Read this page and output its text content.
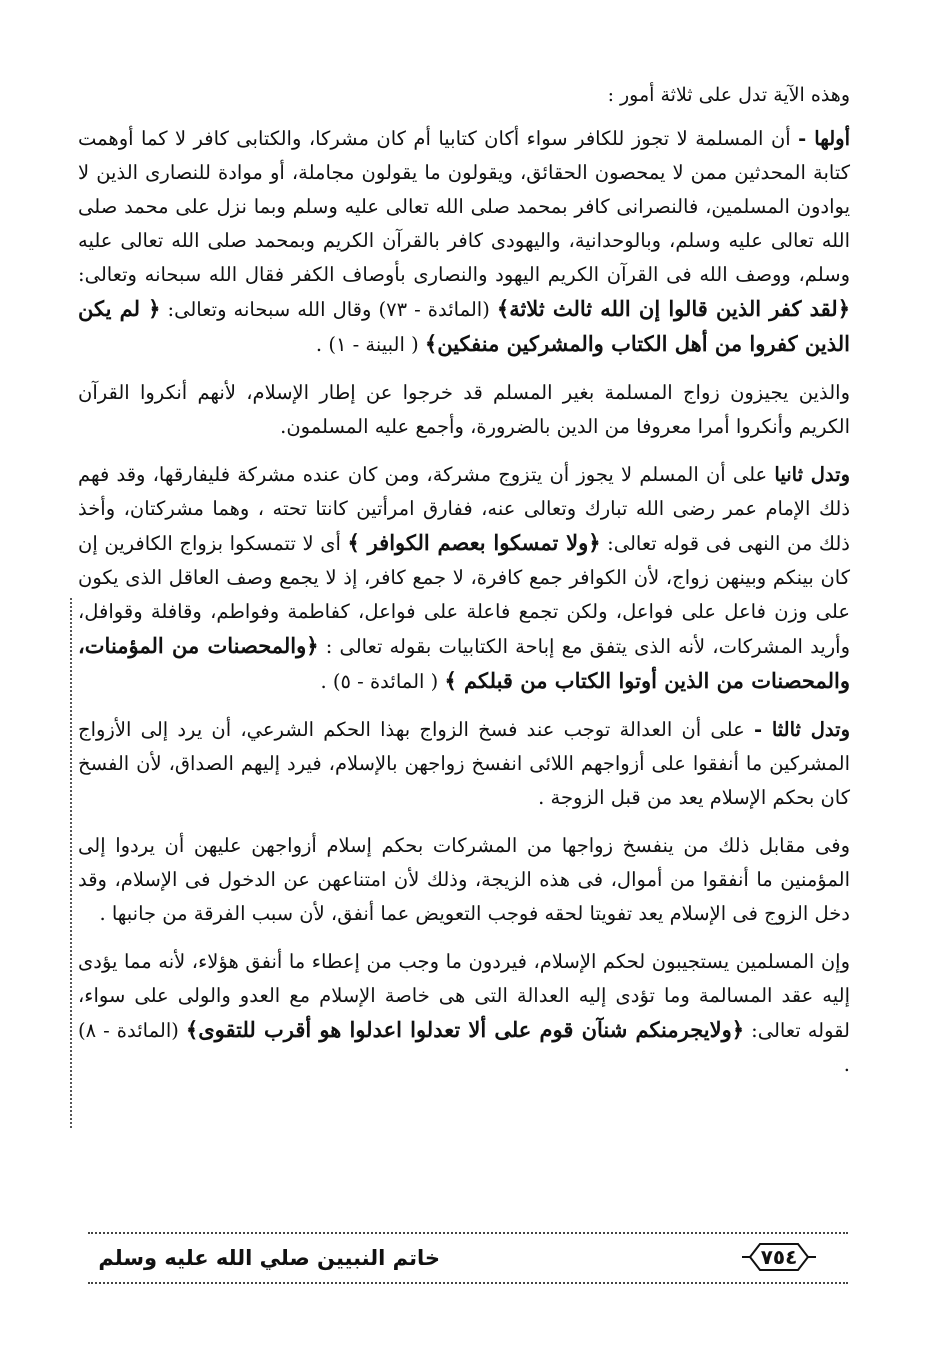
وهذه الآية تدل على ثلاثة أمور :

أولها - أن المسلمة لا تجوز للكافر سواء أكان كتابيا أم كان مشركا، والكتابى كافر لا كما أوهمت كتابة المحدثين ممن لا يمحصون الحقائق، ويقولون ما يقولون مجاملة، أو موادة للنصارى الذين لا يوادون المسلمين، فالنصرانى كافر بمحمد صلى الله تعالى عليه وسلم وبما نزل على محمد صلى الله تعالى عليه وسلم، وبالوحدانية، واليهودى كافر بالقرآن الكريم وبمحمد صلى الله تعالى عليه وسلم، ووصف الله فى القرآن الكريم اليهود والنصارى بأوصاف الكفر فقال الله سبحانه وتعالى: ﴿لقد كفر الذين قالوا إن الله ثالث ثلاثة﴾ (المائدة - ٧٣) وقال الله سبحانه وتعالى: ﴿ لم يكن الذين كفروا من أهل الكتاب والمشركين منفكين﴾ ( البينة - ١) .

والذين يجيزون زواج المسلمة بغير المسلم قد خرجوا عن إطار الإسلام، لأنهم أنكروا القرآن الكريم وأنكروا أمرا معروفا من الدين بالضرورة، وأجمع عليه المسلمون.

وتدل ثانيا على أن المسلم لا يجوز أن يتزوج مشركة، ومن كان عنده مشركة فليفارقها، وقد فهم ذلك الإمام عمر رضى الله تبارك وتعالى عنه، ففارق امرأتين كانتا تحته ، وهما مشركتان، وأخذ ذلك من النهى فى قوله تعالى: ﴿ولا تمسكوا بعصم الكوافر ﴾ أى لا تتمسكوا بزواج الكافرين إن كان بينكم وبينهن زواج، لأن الكوافر جمع كافرة، لا جمع كافر، إذ لا يجمع وصف العاقل الذى يكون على وزن فاعل على فواعل، ولكن تجمع فاعلة على فواعل، كفاطمة وفواطم، وقافلة وقوافل، وأريد المشركات، لأنه الذى يتفق مع إباحة الكتابيات بقوله تعالى : ﴿والمحصنات من المؤمنات، والمحصنات من الذين أوتوا الكتاب من قبلكم ﴾ ( المائدة - ٥) .

وتدل ثالثا - على أن العدالة توجب عند فسخ الزواج بهذا الحكم الشرعي، أن يرد إلى الأزواج المشركين ما أنفقوا على أزواجهم اللائى انفسخ زواجهن بالإسلام، فيرد إليهم الصداق، لأن الفسخ كان بحكم الإسلام يعد من قبل الزوجة .

وفى مقابل ذلك من ينفسخ زواجها من المشركات بحكم إسلام أزواجهن عليهن أن يردوا إلى المؤمنين ما أنفقوا من أموال، فى هذه الزيجة، وذلك لأن امتناعهن عن الدخول فى الإسلام، وقد دخل الزوج فى الإسلام يعد تفويتا لحقه فوجب التعويض عما أنفق، لأن سبب الفرقة من جانبها .

وإن المسلمين يستجيبون لحكم الإسلام، فيردون ما وجب من إعطاء ما أنفق هؤلاء، لأنه مما يؤدى إليه عقد المسالمة وما تؤدى إليه العدالة التى هى خاصة الإسلام مع العدو والولى على سواء، لقوله تعالى: ﴿ولايجرمنكم شنآن قوم على ألا تعدلوا اعدلوا هو أقرب للتقوى﴾ (المائدة - ٨) .

خاتم النبيين صلي الله عليه وسلم	٧٥٤
